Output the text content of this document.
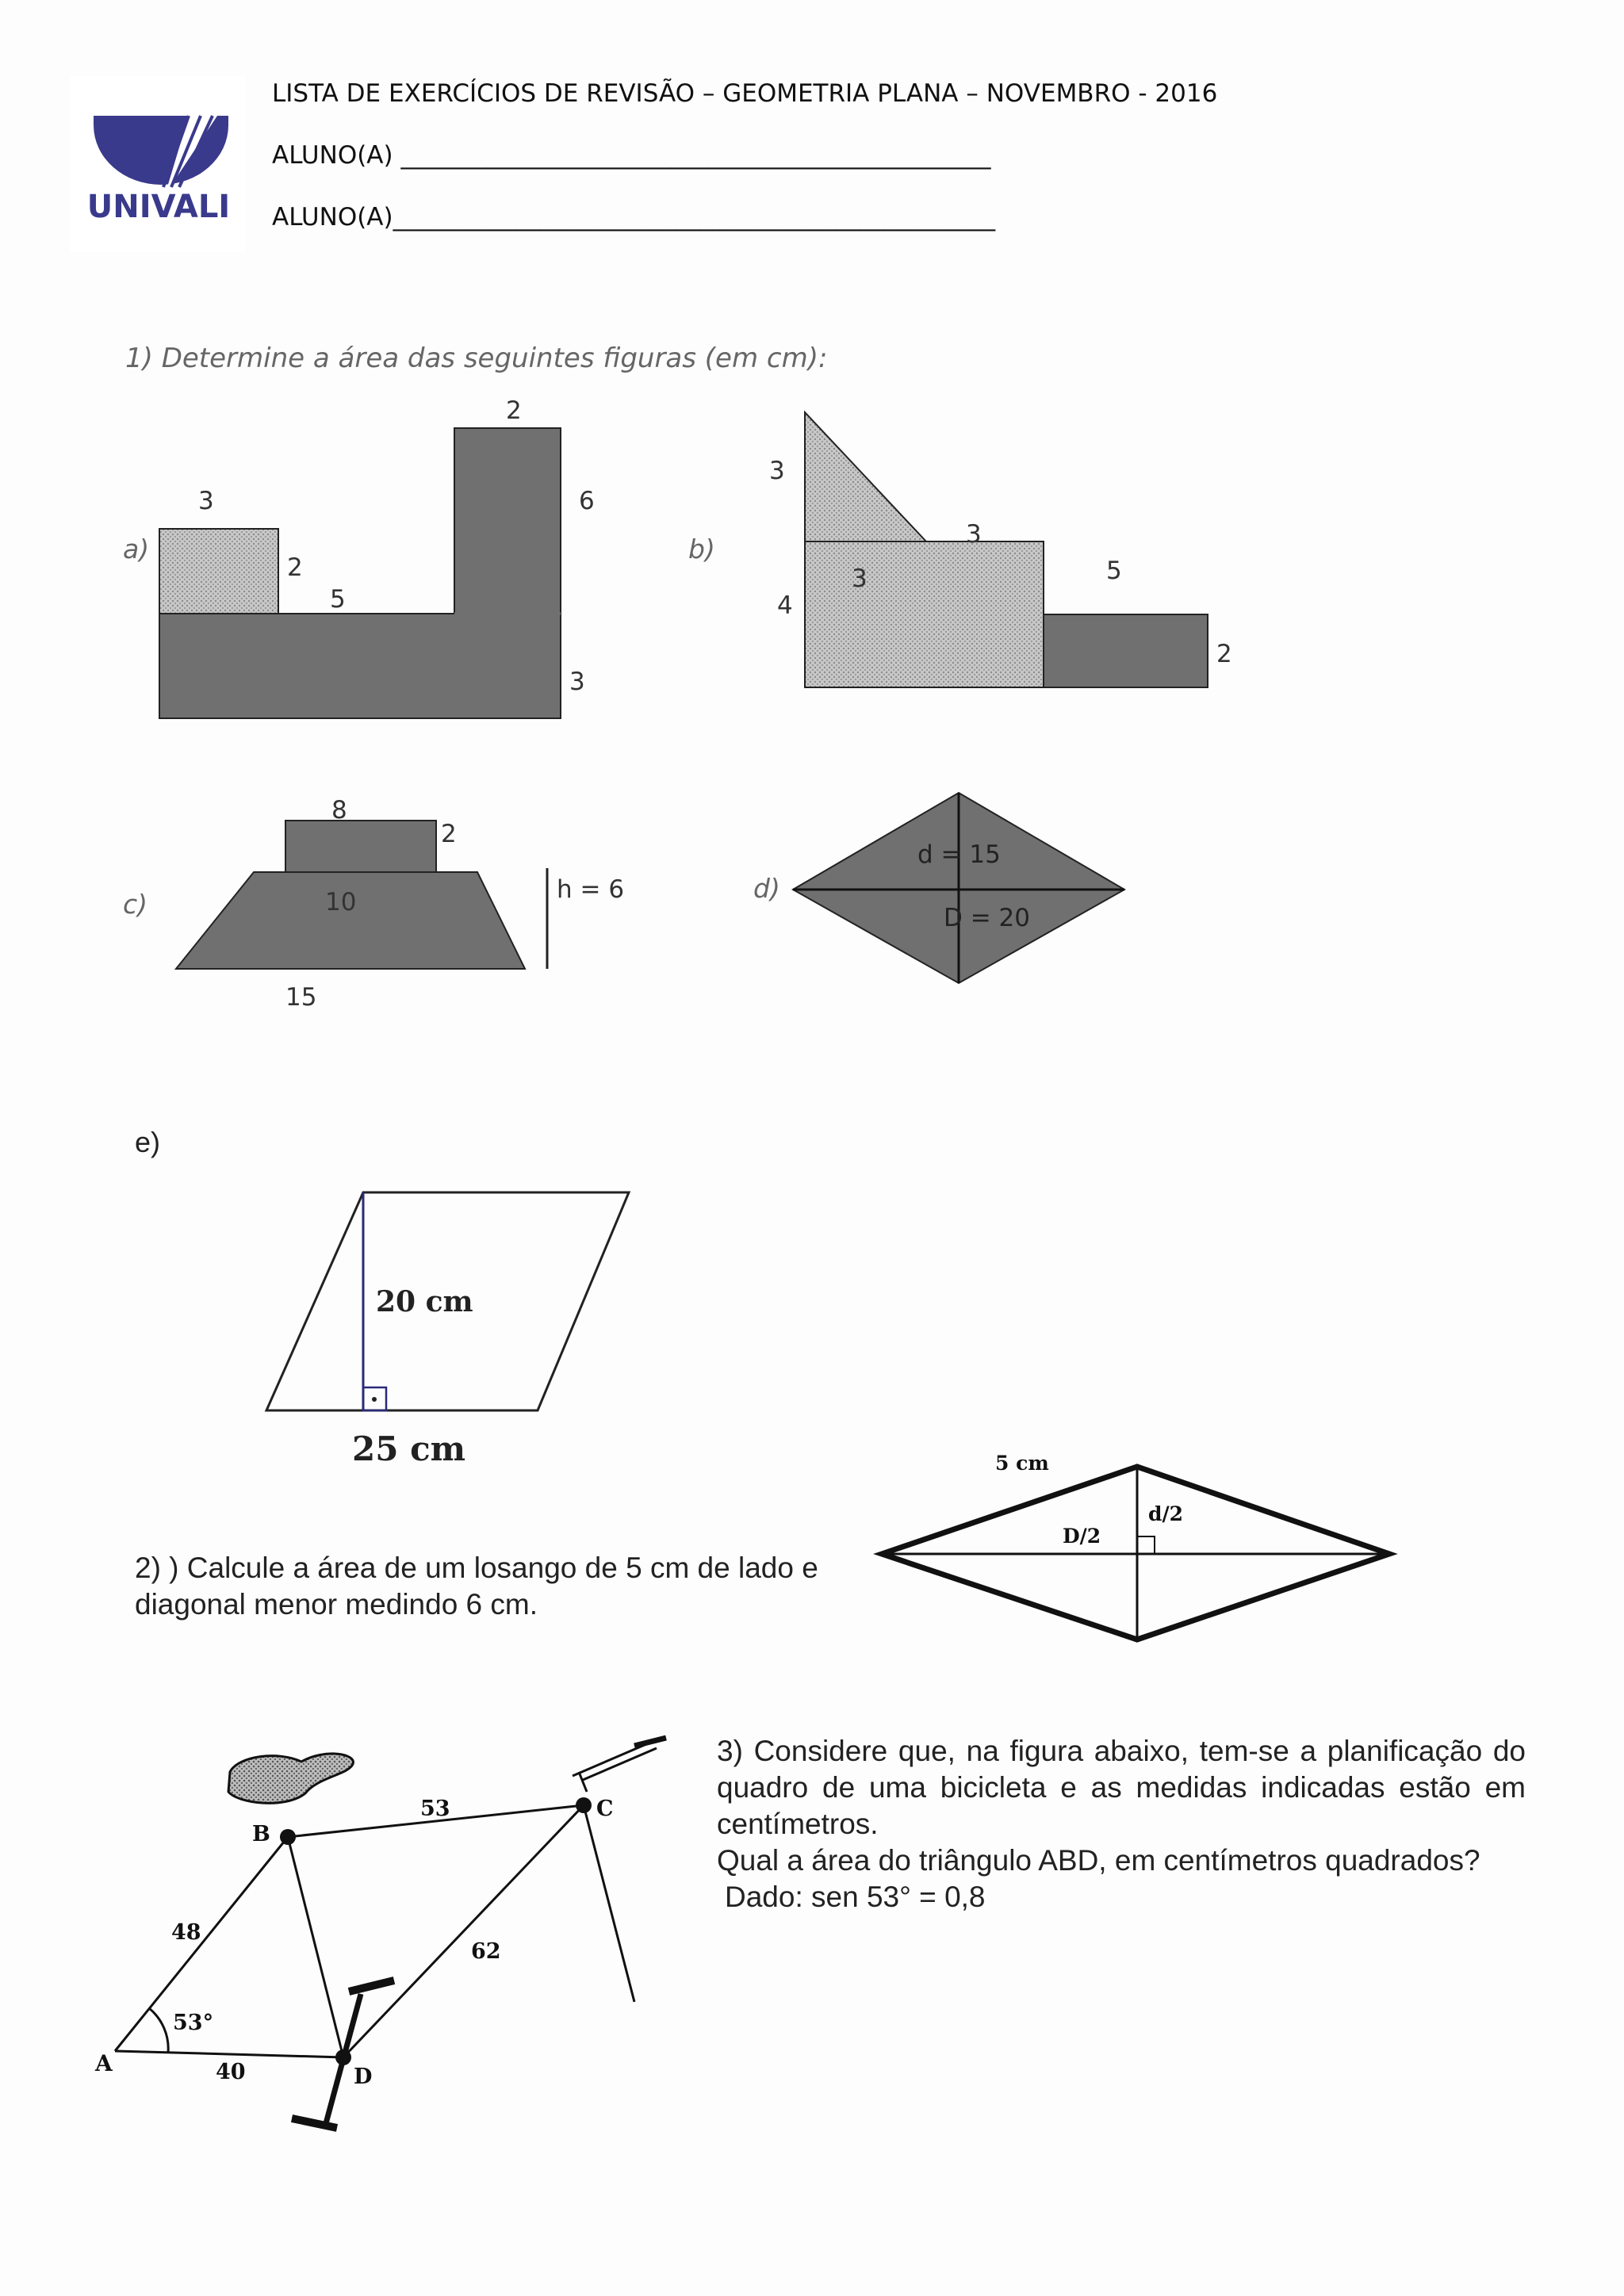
UNIVALI
LISTA DE EXERCÍCIOS DE REVISÃO – GEOMETRIA PLANA – NOVEMBRO - 2016
ALUNO(A) ________________________________________________
ALUNO(A)_________________________________________________
1) Determine a área das seguintes figuras (em cm):
a)
2
6
3
2
5
3
b)
3
3
3
4
5
2
c)
8
2
10
15
h = 6	d)
d = 15
D = 20
e)
20 cm
25 cm
2) ) Calcule a área de um losango de 5 cm de lado e diagonal menor medindo 6 cm.
5 cm
d/2
D/2
3) Considere que, na figura abaixo, tem-se a planificação do quadro de uma bicicleta e as medidas indicadas estão em centímetros.
Qual a área do triângulo ABD, em centímetros quadrados?
Dado: sen 53° = 0,8
A
B
C
D
53
48
62
40
53°
